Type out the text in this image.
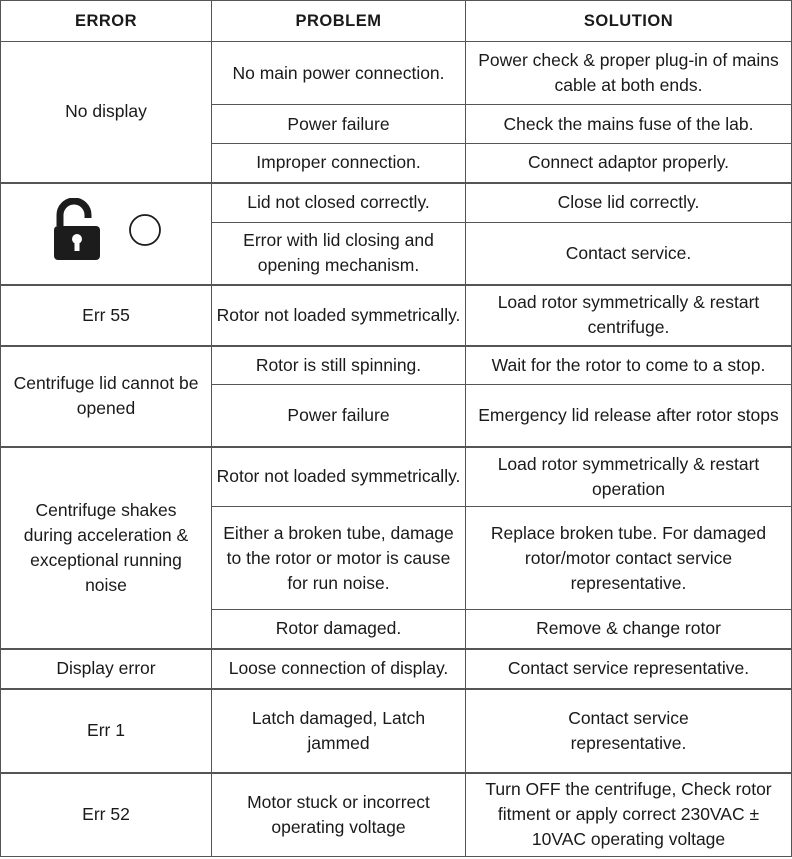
ERROR	PROBLEM	SOLUTION
No display	No main power connection.	Power check & proper plug-in of mains cable at both ends.
	Power failure	Check the mains fuse of the lab.
	Improper connection.	Connect adaptor properly.

	Lid not closed correctly.	Close lid correctly.
	Error with lid closing and opening mechanism.	Contact service.
Err 55	Rotor not loaded symmetrically.	Load rotor symmetrically & restart centrifuge.
Centrifuge lid cannot be opened	Rotor is still spinning.	Wait for the rotor to come to a stop.
	Power failure	Emergency lid release after rotor stops
Centrifuge shakes during acceleration & exceptional running noise	Rotor not loaded symmetrically.	Load rotor symmetrically & restart operation
	Either a broken tube, damage to the rotor or motor is cause for run noise.	Replace broken tube. For damaged rotor/motor contact service representative.
	Rotor damaged.	Remove & change rotor
Display error	Loose connection of display.	Contact service representative.
Err 1	Latch damaged, Latch jammed	Contact service representative.
Err 52	Motor stuck or incorrect operating voltage	Turn OFF the centrifuge, Check rotor fitment or apply correct 230VAC ± 10VAC operating voltage
